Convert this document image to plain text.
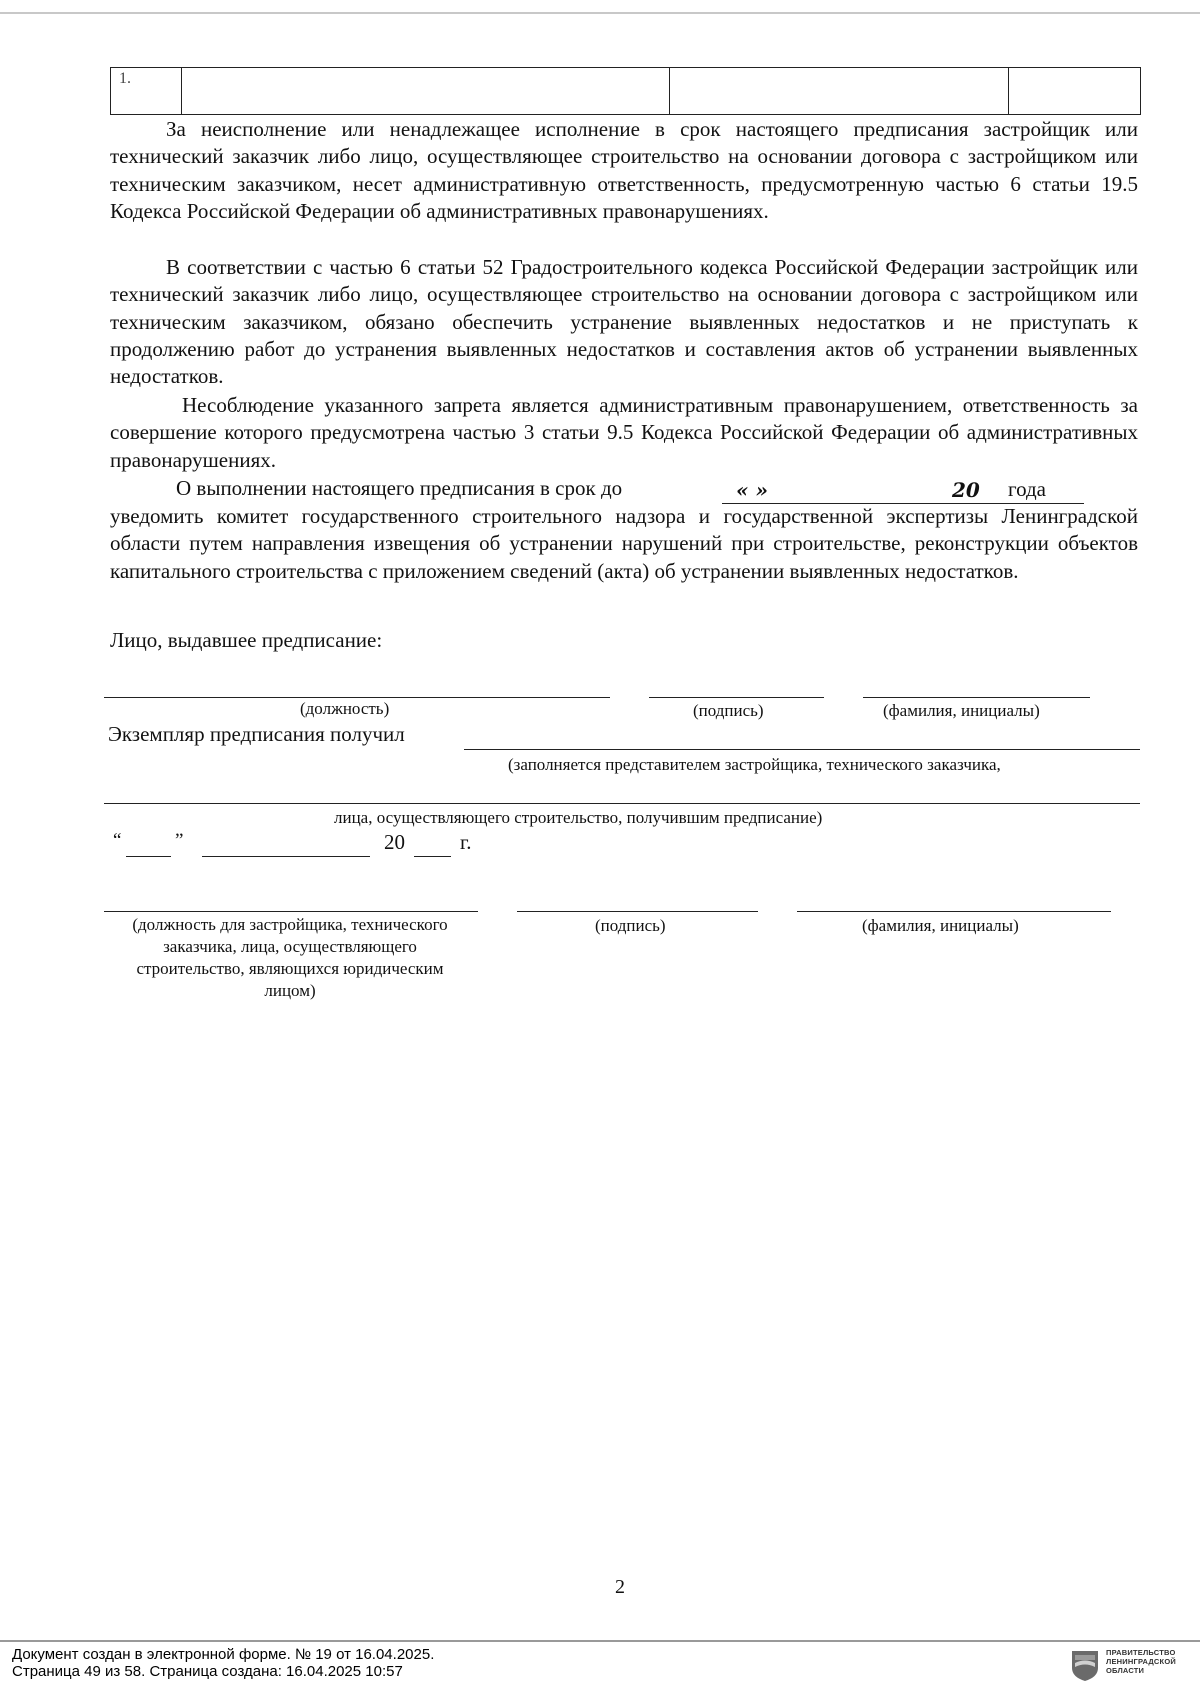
1.			
За неисполнение или ненадлежащее исполнение в срок настоящего предписания застройщик или технический заказчик либо лицо, осуществляющее строительство на основании договора с застройщиком или техническим заказчиком, несет административную ответственность, предусмотренную частью 6 статьи 19.5 Кодекса Российской Федерации об административных правонарушениях.
В соответствии с частью 6 статьи 52 Градостроительного кодекса Российской Федерации застройщик или технический заказчик либо лицо, осуществляющее строительство на основании договора с застройщиком или техническим заказчиком, обязано обеспечить устранение выявленных недостатков и не приступать к продолжению работ до устранения выявленных недостатков и составления актов об устранении выявленных недостатков.
Несоблюдение указанного запрета является административным правонарушением, ответственность за совершение которого предусмотрена частью 3 статьи 9.5 Кодекса Российской Федерации об административных правонарушениях.
О выполнении настоящего предписания в срок до	« »	20 года
уведомить комитет государственного строительного надзора и государственной экспертизы Ленинградской области путем направления извещения об устранении нарушений при строительстве, реконструкции объектов капитального строительства с приложением сведений (акта) об устранении выявленных недостатков.
Лицо, выдавшее предписание:
(должность)	(подпись)	(фамилия, инициалы)
Экземпляр предписания получил
(заполняется представителем застройщика, технического заказчика,
лица, осуществляющего строительство, получившим предписание)
“	”	20	г.
(должность для застройщика, технического заказчика, лица, осуществляющего строительство, являющихся юридическим лицом)
(подпись)	(фамилия, инициалы)
2
Документ создан в электронной форме. № 19 от 16.04.2025.
Страница 49 из 58. Страница создана: 16.04.2025 10:57
ПРАВИТЕЛЬСТВО ЛЕНИНГРАДСКОЙ ОБЛАСТИ
